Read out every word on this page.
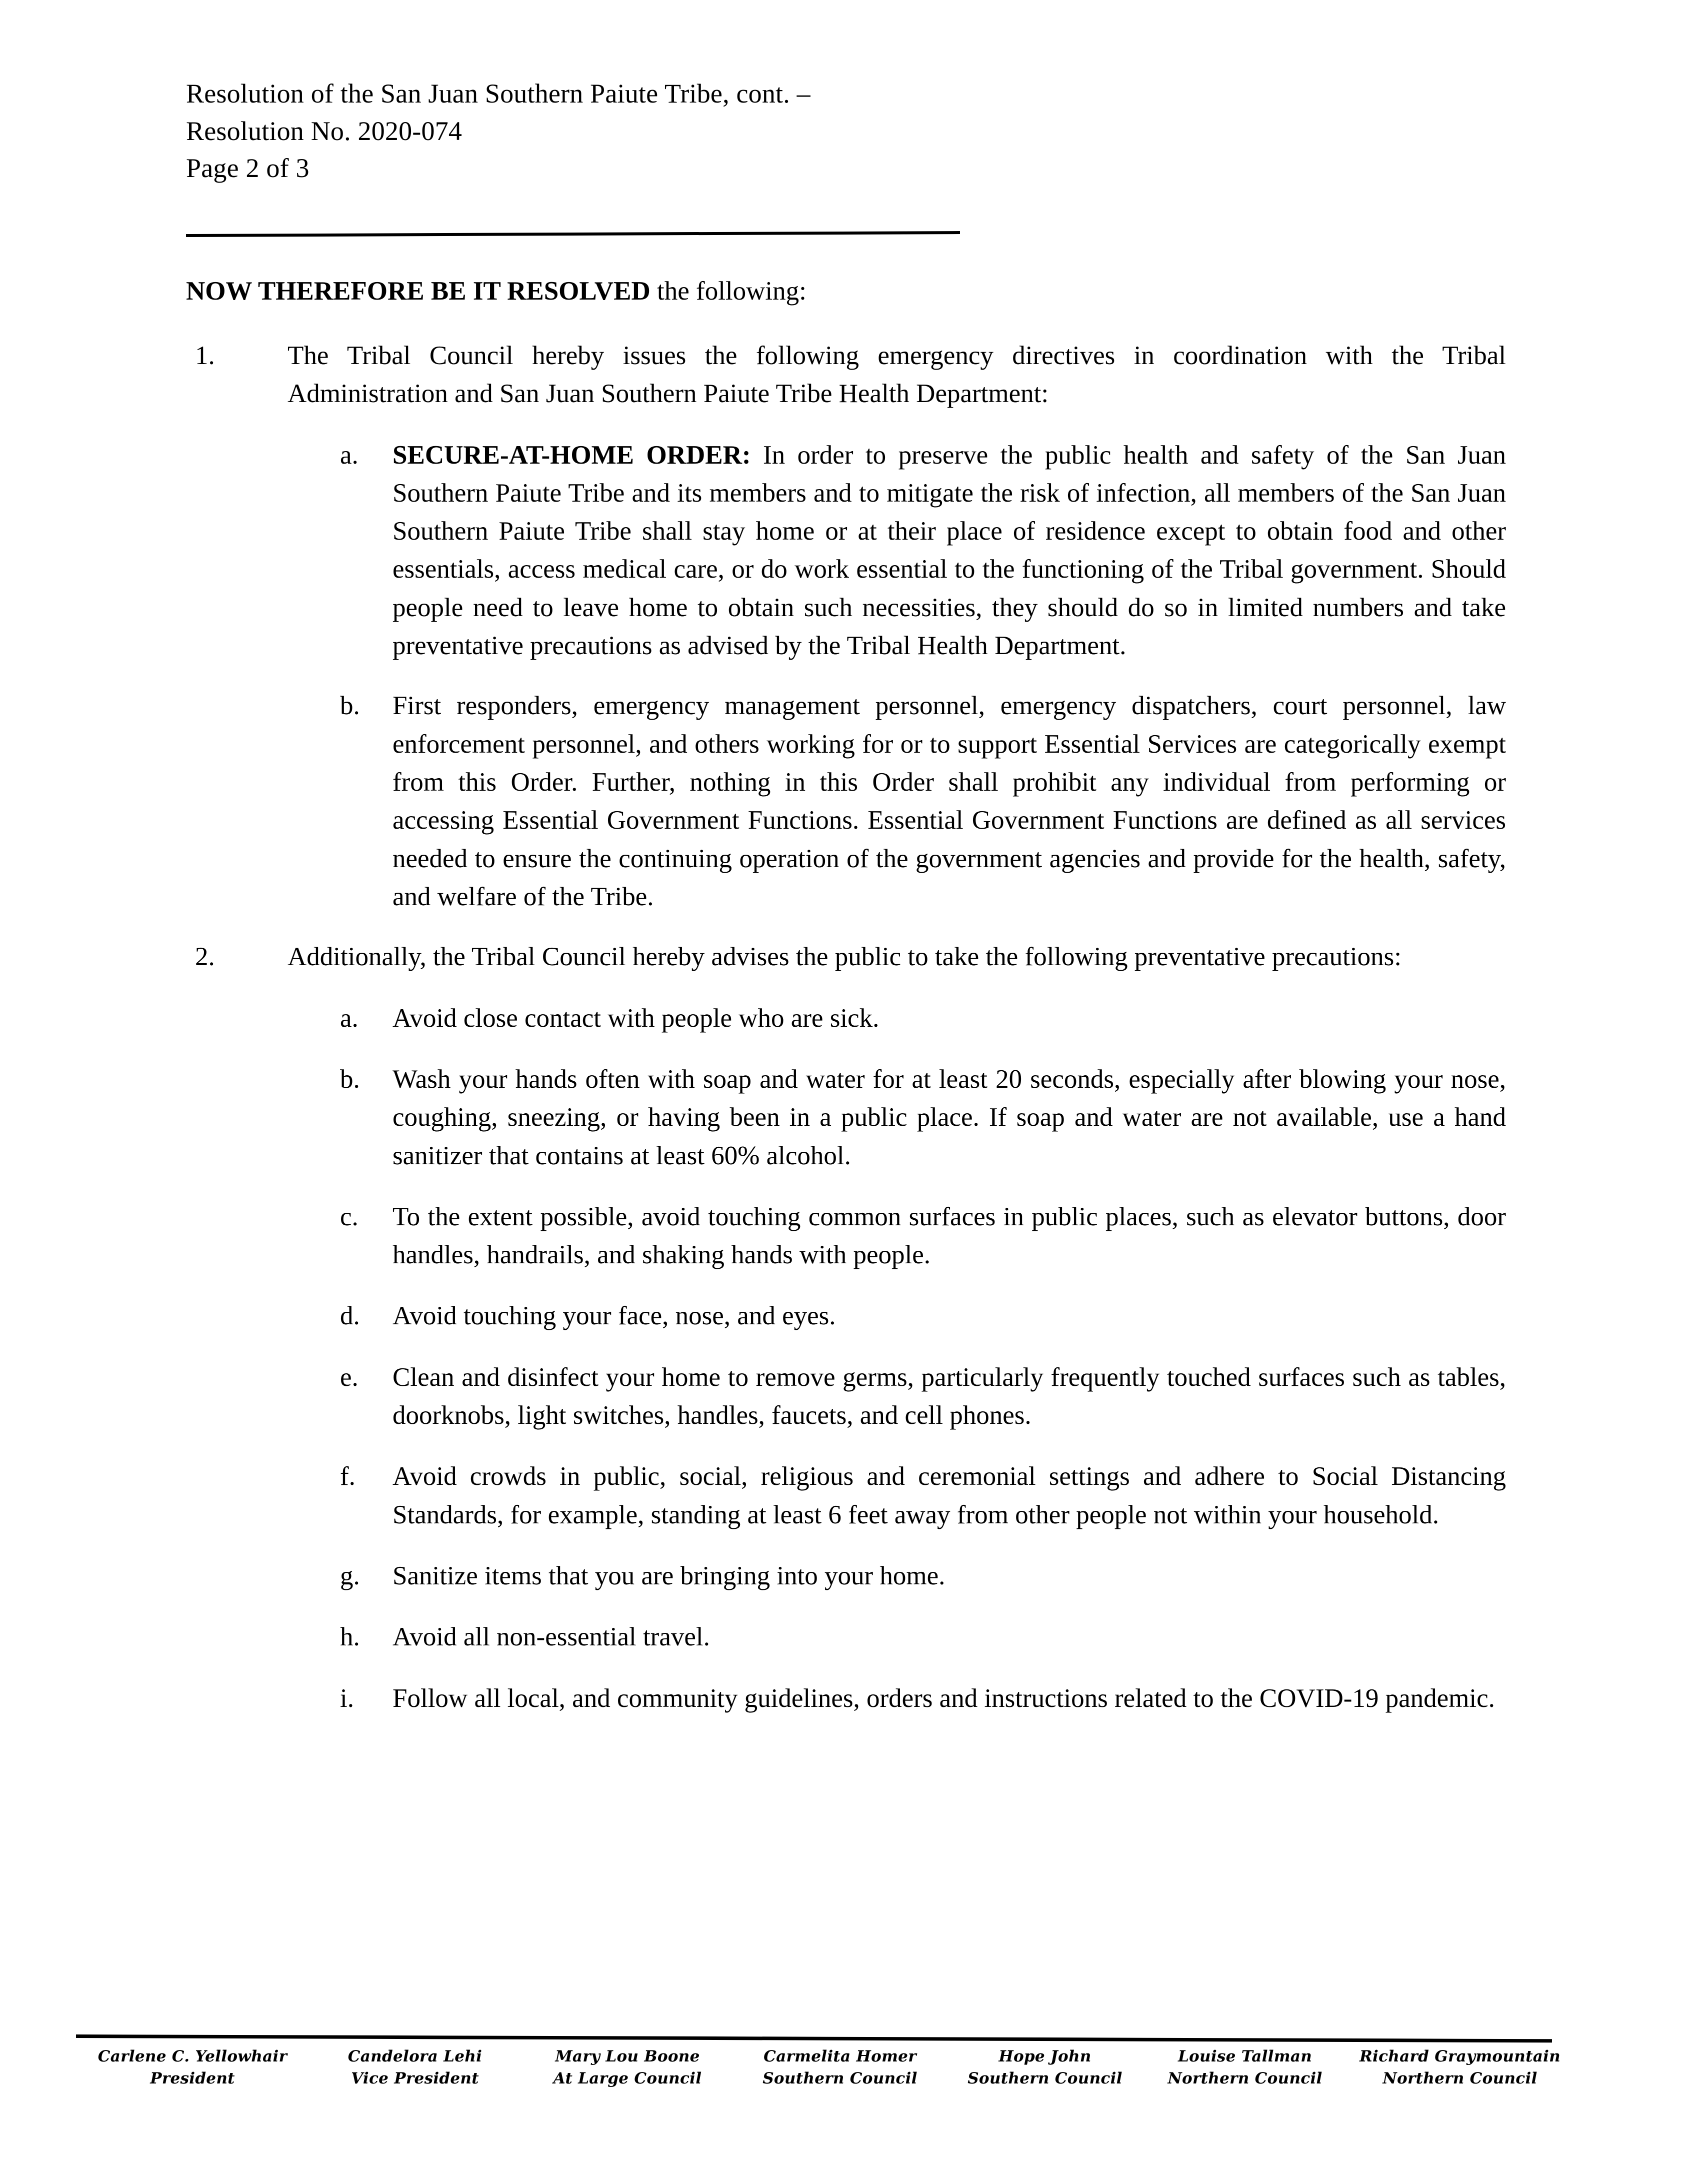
Resolution of the San Juan Southern Paiute Tribe, cont. –
Resolution No. 2020-074
Page 2 of 3
NOW THEREFORE BE IT RESOLVED the following:
1.	The Tribal Council hereby issues the following emergency directives in coordination with the Tribal Administration and San Juan Southern Paiute Tribe Health Department:
a. SECURE-AT-HOME ORDER: In order to preserve the public health and safety of the San Juan Southern Paiute Tribe and its members and to mitigate the risk of infection, all members of the San Juan Southern Paiute Tribe shall stay home or at their place of residence except to obtain food and other essentials, access medical care, or do work essential to the functioning of the Tribal government. Should people need to leave home to obtain such necessities, they should do so in limited numbers and take preventative precautions as advised by the Tribal Health Department.
b. First responders, emergency management personnel, emergency dispatchers, court personnel, law enforcement personnel, and others working for or to support Essential Services are categorically exempt from this Order. Further, nothing in this Order shall prohibit any individual from performing or accessing Essential Government Functions. Essential Government Functions are defined as all services needed to ensure the continuing operation of the government agencies and provide for the health, safety, and welfare of the Tribe.
2.	Additionally, the Tribal Council hereby advises the public to take the following preventative precautions:
a. Avoid close contact with people who are sick.
b. Wash your hands often with soap and water for at least 20 seconds, especially after blowing your nose, coughing, sneezing, or having been in a public place. If soap and water are not available, use a hand sanitizer that contains at least 60% alcohol.
c. To the extent possible, avoid touching common surfaces in public places, such as elevator buttons, door handles, handrails, and shaking hands with people.
d. Avoid touching your face, nose, and eyes.
e. Clean and disinfect your home to remove germs, particularly frequently touched surfaces such as tables, doorknobs, light switches, handles, faucets, and cell phones.
f. Avoid crowds in public, social, religious and ceremonial settings and adhere to Social Distancing Standards, for example, standing at least 6 feet away from other people not within your household.
g. Sanitize items that you are bringing into your home.
h. Avoid all non-essential travel.
i. Follow all local, and community guidelines, orders and instructions related to the COVID-19 pandemic.
Carlene C. Yellowhair
President
Candelora Lehi
Vice President
Mary Lou Boone
At Large Council
Carmelita Homer
Southern Council
Hope John
Southern Council
Louise Tallman
Northern Council
Richard Graymountain
Northern Council
